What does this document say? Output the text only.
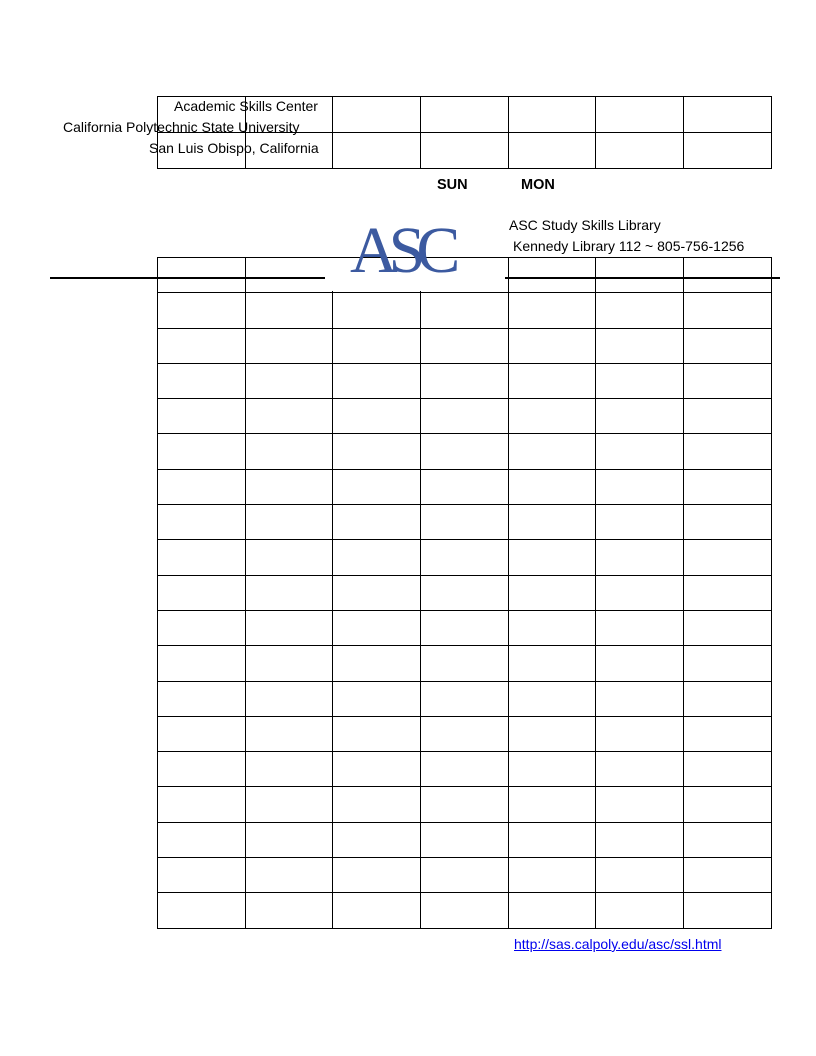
Academic Skills Center
California Polytechnic State University
San Luis Obispo, California
SUN	MON
ASC Study Skills Library
Kennedy Library 112 ~ 805-756-1256

ASC
http://sas.calpoly.edu/asc/ssl.html
